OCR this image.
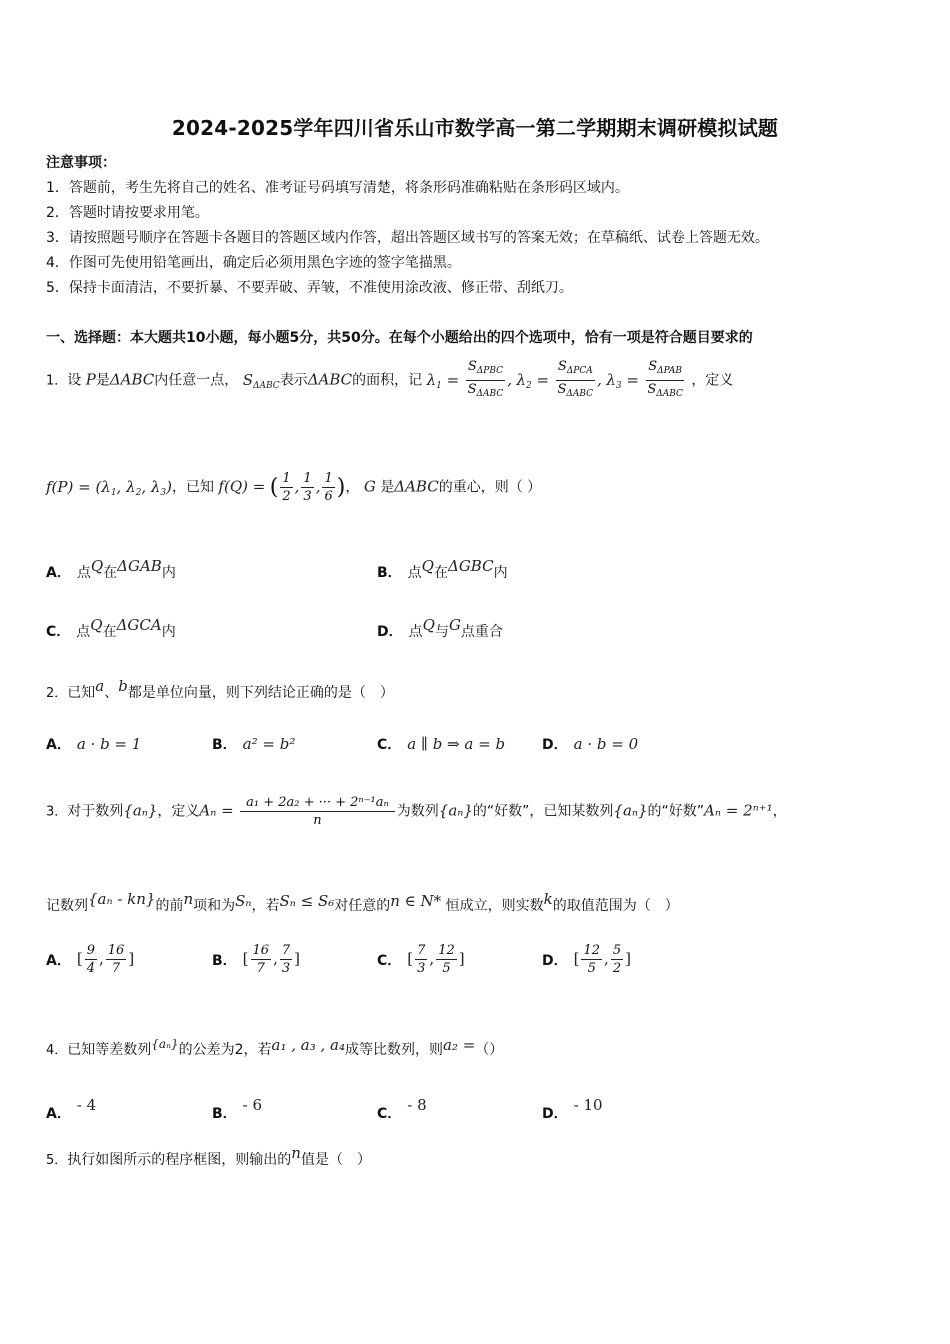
2024-2025学年四川省乐山市数学高一第二学期期末调研模拟试题
注意事项：
1．答题前，考生先将自己的姓名、准考证号码填写清楚，将条形码准确粘贴在条形码区域内。
2．答题时请按要求用笔。
3．请按照题号顺序在答题卡各题目的答题区域内作答，超出答题区域书写的答案无效；在草稿纸、试卷上答题无效。
4．作图可先使用铅笔画出，确定后必须用黑色字迹的签字笔描黑。
5．保持卡面清洁，不要折暴、不要弄破、弄皱，不准使用涂改液、修正带、刮纸刀。
一、选择题：本大题共10小题，每小题5分，共50分。在每个小题给出的四个选项中，恰有一项是符合题目要求的
1．设 P是ΔABC内任意一点， $S_{\Delta ABC}$表示ΔABC的面积，记 $\lambda_1 = \frac{S_{\Delta PBC}}{S_{\Delta ABC}}$ , $\lambda_2 = \frac{S_{\Delta PCA}}{S_{\Delta ABC}}$ , $\lambda_3 = \frac{S_{\Delta PAB}}{S_{\Delta ABC}}$ ，定义
$f(P) = (\lambda_1$, $\lambda_2$, $\lambda_3$)，已知 f(Q) = ( $\frac{1}{2}$ , $\frac{1}{3}$ , $\frac{1}{6}$ )， G 是ΔABC的重心，则（ ）
A． 点Q在ΔGAB内	B． 点Q在ΔGBC内
C． 点Q在ΔGCA内	D． 点Q与G点重合
2．已知a、b都是单位向量，则下列结论正确的是（　）
A． a · b = 1	B． a² = b²	C． a ∥ b ⇒ a = b	D． a · b = 0
3．对于数列{aₙ}，定义$A_n = \frac{\text{a₁ + 2a₂ + ··· + 2ⁿ⁻¹aₙ}}{n}$ 为数列{aₙ}的“好数”，已知某数列{aₙ}的“好数”Aₙ = 2ⁿ⁺¹，
记数列{aₙ - kn}的前n项和为Sₙ，若Sₙ ≤ S₆对任意的n ∈ N* 恒成立，则实数k的取值范围为（　）
A． [ $\frac{9}{4}$ , $\frac{16}{7}$ ]	B． [ $\frac{16}{7}$ , $\frac{7}{3}$ ]	C． [ $\frac{7}{3}$ , $\frac{12}{5}$ ]	D． [ $\frac{12}{5}$ , $\frac{5}{2}$ ]
4．已知等差数列{aₙ}的公差为2，若a₁ , a₃ , a₄成等比数列，则a₂ =（）
A． - 4	B． - 6	C． - 8	D． - 10
5．执行如图所示的程序框图，则输出的n值是（　）
